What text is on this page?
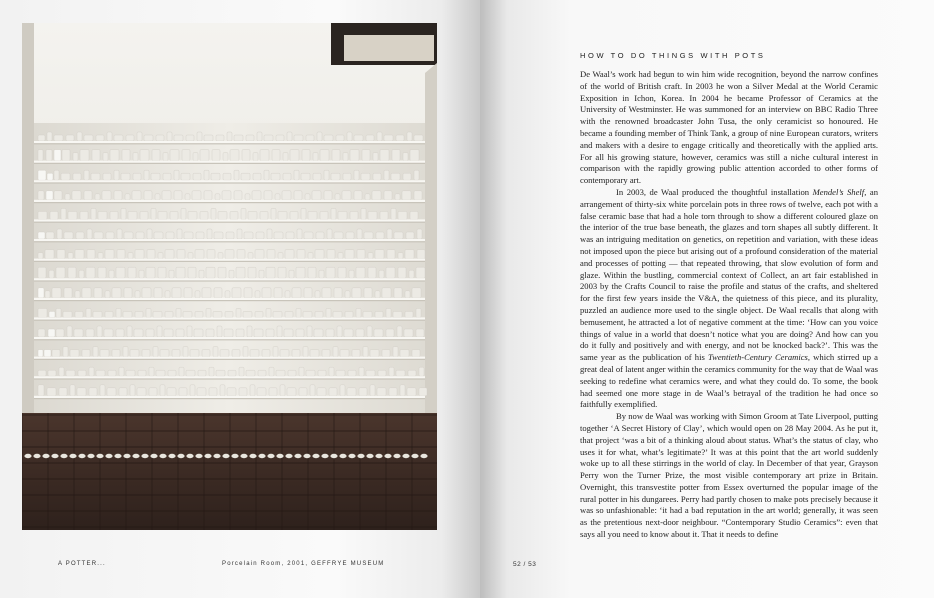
A POTTER...	Porcelain Room, 2001, GEFFRYE MUSEUM
HOW TO DO THINGS WITH POTS

De Waal’s work had begun to win him wide recognition, beyond the narrow confines of the world of British craft. In 2003 he won a Silver Medal at the World Ceramic Exposition in Ichon, Korea. In 2004 he became Professor of Ceramics at the University of Westminster. He was summoned for an interview on BBC Radio Three with the renowned broadcaster John Tusa, the only ceramicist so honoured. He became a founding member of Think Tank, a group of nine European curators, writers and makers with a desire to engage critically and theoretically with the applied arts. For all his growing stature, however, ceramics was still a niche cultural interest in comparison with the rapidly growing public attention accorded to other forms of contemporary art.

In 2003, de Waal produced the thoughtful installation Mendel’s Shelf, an arrangement of thirty-six white porcelain pots in three rows of twelve, each pot with a false ceramic base that had a hole torn through to show a different coloured glaze on the interior of the true base beneath, the glazes and torn shapes all subtly different. It was an intriguing meditation on genetics, on repetition and variation, with these ideas not imposed upon the piece but arising out of a profound consideration of the material and processes of potting — that repeated throwing, that slow evolution of form and glaze. Within the bustling, commercial context of Collect, an art fair established in 2003 by the Crafts Council to raise the profile and status of the crafts, and sheltered for the first few years inside the V&A, the quietness of this piece, and its plurality, puzzled an audience more used to the single object. De Waal recalls that along with bemusement, he attracted a lot of negative comment at the time: ‘How can you voice things of value in a world that doesn’t notice what you are doing? And how can you do it fully and positively and with energy, and not be knocked back?’. This was the same year as the publication of his Twentieth-Century Ceramics, which stirred up a great deal of latent anger within the ceramics community for the way that de Waal was seeking to redefine what ceramics were, and what they could do. To some, the book had seemed one more stage in de Waal’s betrayal of the tradition he had once so faithfully exemplified.

By now de Waal was working with Simon Groom at Tate Liverpool, putting together ‘A Secret History of Clay’, which would open on 28 May 2004. As he put it, that project ‘was a bit of a thinking aloud about status. What’s the status of clay, who uses it for what, what’s legitimate?’ It was at this point that the art world suddenly woke up to all these stirrings in the world of clay. In December of that year, Grayson Perry won the Turner Prize, the most visible contemporary art prize in Britain. Overnight, this transvestite potter from Essex overturned the popular image of the rural potter in his dungarees. Perry had partly chosen to make pots precisely because it was so unfashionable: ‘it had a bad reputation in the art world; generally, it was seen as the pretentious next-door neighbour. “Contemporary Studio Ceramics”: even that says all you need to know about it. That it needs to define

52 / 53
